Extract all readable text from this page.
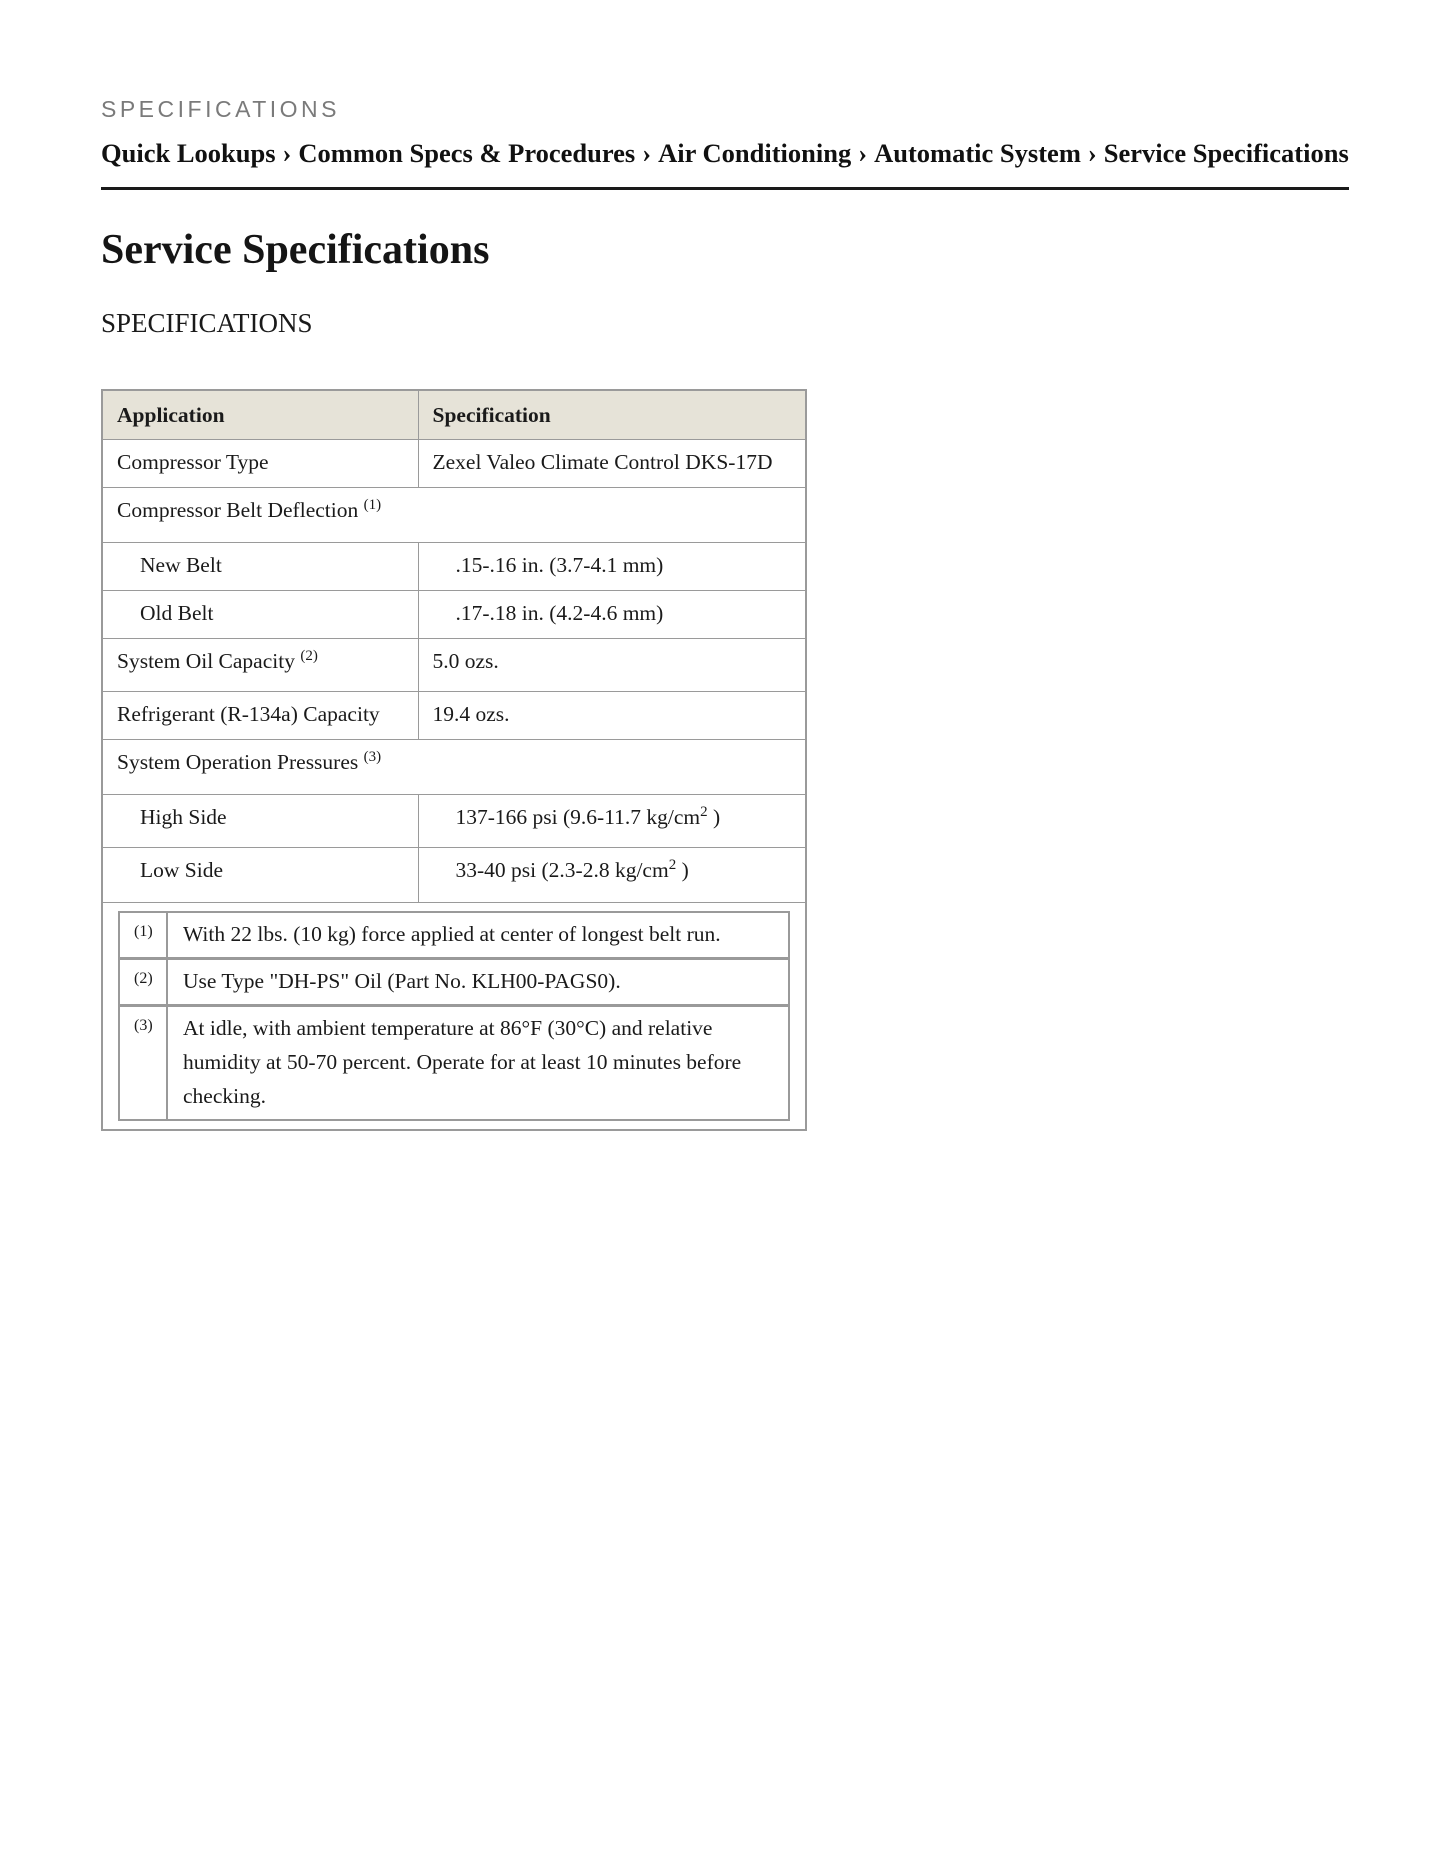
SPECIFICATIONS
Quick Lookups › Common Specs & Procedures › Air Conditioning › Automatic System › Service Specifications
Service Specifications
SPECIFICATIONS
Application	Specification
Compressor Type	Zexel Valeo Climate Control DKS-17D
Compressor Belt Deflection $^{(1)}$
New Belt	.15-.16 in. (3.7-4.1 mm)
Old Belt	.17-.18 in. (4.2-4.6 mm)
System Oil Capacity $^{(2)}$	5.0 ozs.
Refrigerant (R-134a) Capacity	19.4 ozs.
System Operation Pressures $^{(3)}$
High Side	137-166 psi (9.6-11.7 $kg/cm^2$ )
Low Side	33-40 psi (2.3-2.8 $kg/cm^2$ )

(1)	With 22 lbs. (10 kg) force applied at center of longest belt run.
(2)	Use Type "DH-PS" Oil (Part No. KLH00-PAGS0).
(3)	At idle, with ambient temperature at 86°F (30°C) and relative humidity at 50-70 percent. Operate for at least 10 minutes before checking.
